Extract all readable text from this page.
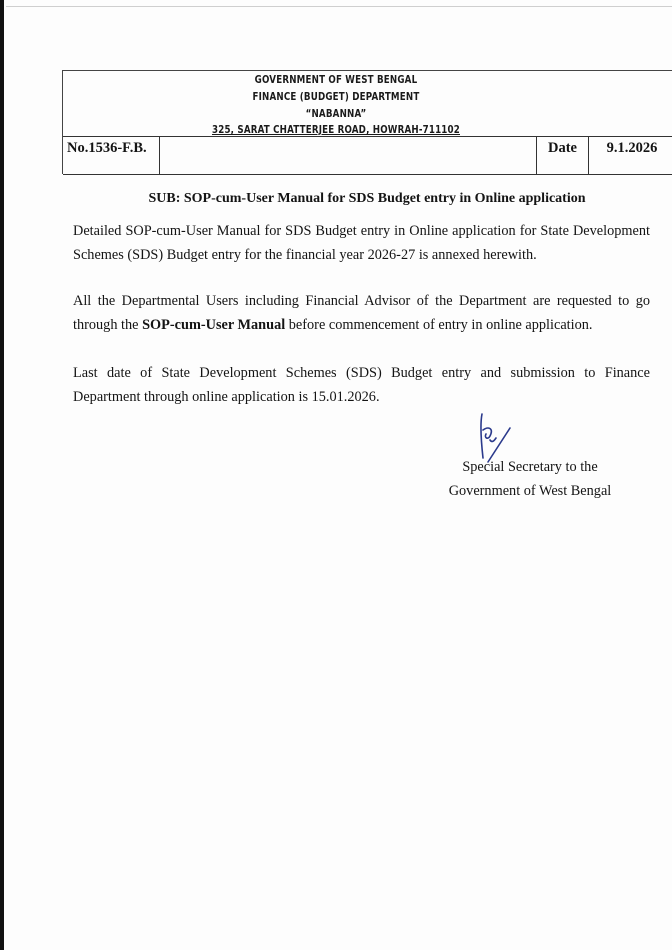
GOVERNMENT OF WEST BENGAL
FINANCE (BUDGET) DEPARTMENT
“NABANNA”
325, SARAT CHATTERJEE ROAD, HOWRAH-711102
No.1536-F.B.	Date	9.1.2026
SUB: SOP-cum-User Manual for SDS Budget entry in Online application
Detailed SOP-cum-User Manual for SDS Budget entry in Online application for State Development Schemes (SDS) Budget entry for the financial year 2026-27 is annexed herewith.
All the Departmental Users including Financial Advisor of the Department are requested to go through the SOP-cum-User Manual before commencement of entry in online application.
Last date of State Development Schemes (SDS) Budget entry and submission to Finance Department through online application is 15.01.2026.
Special Secretary to the
Government of West Bengal
